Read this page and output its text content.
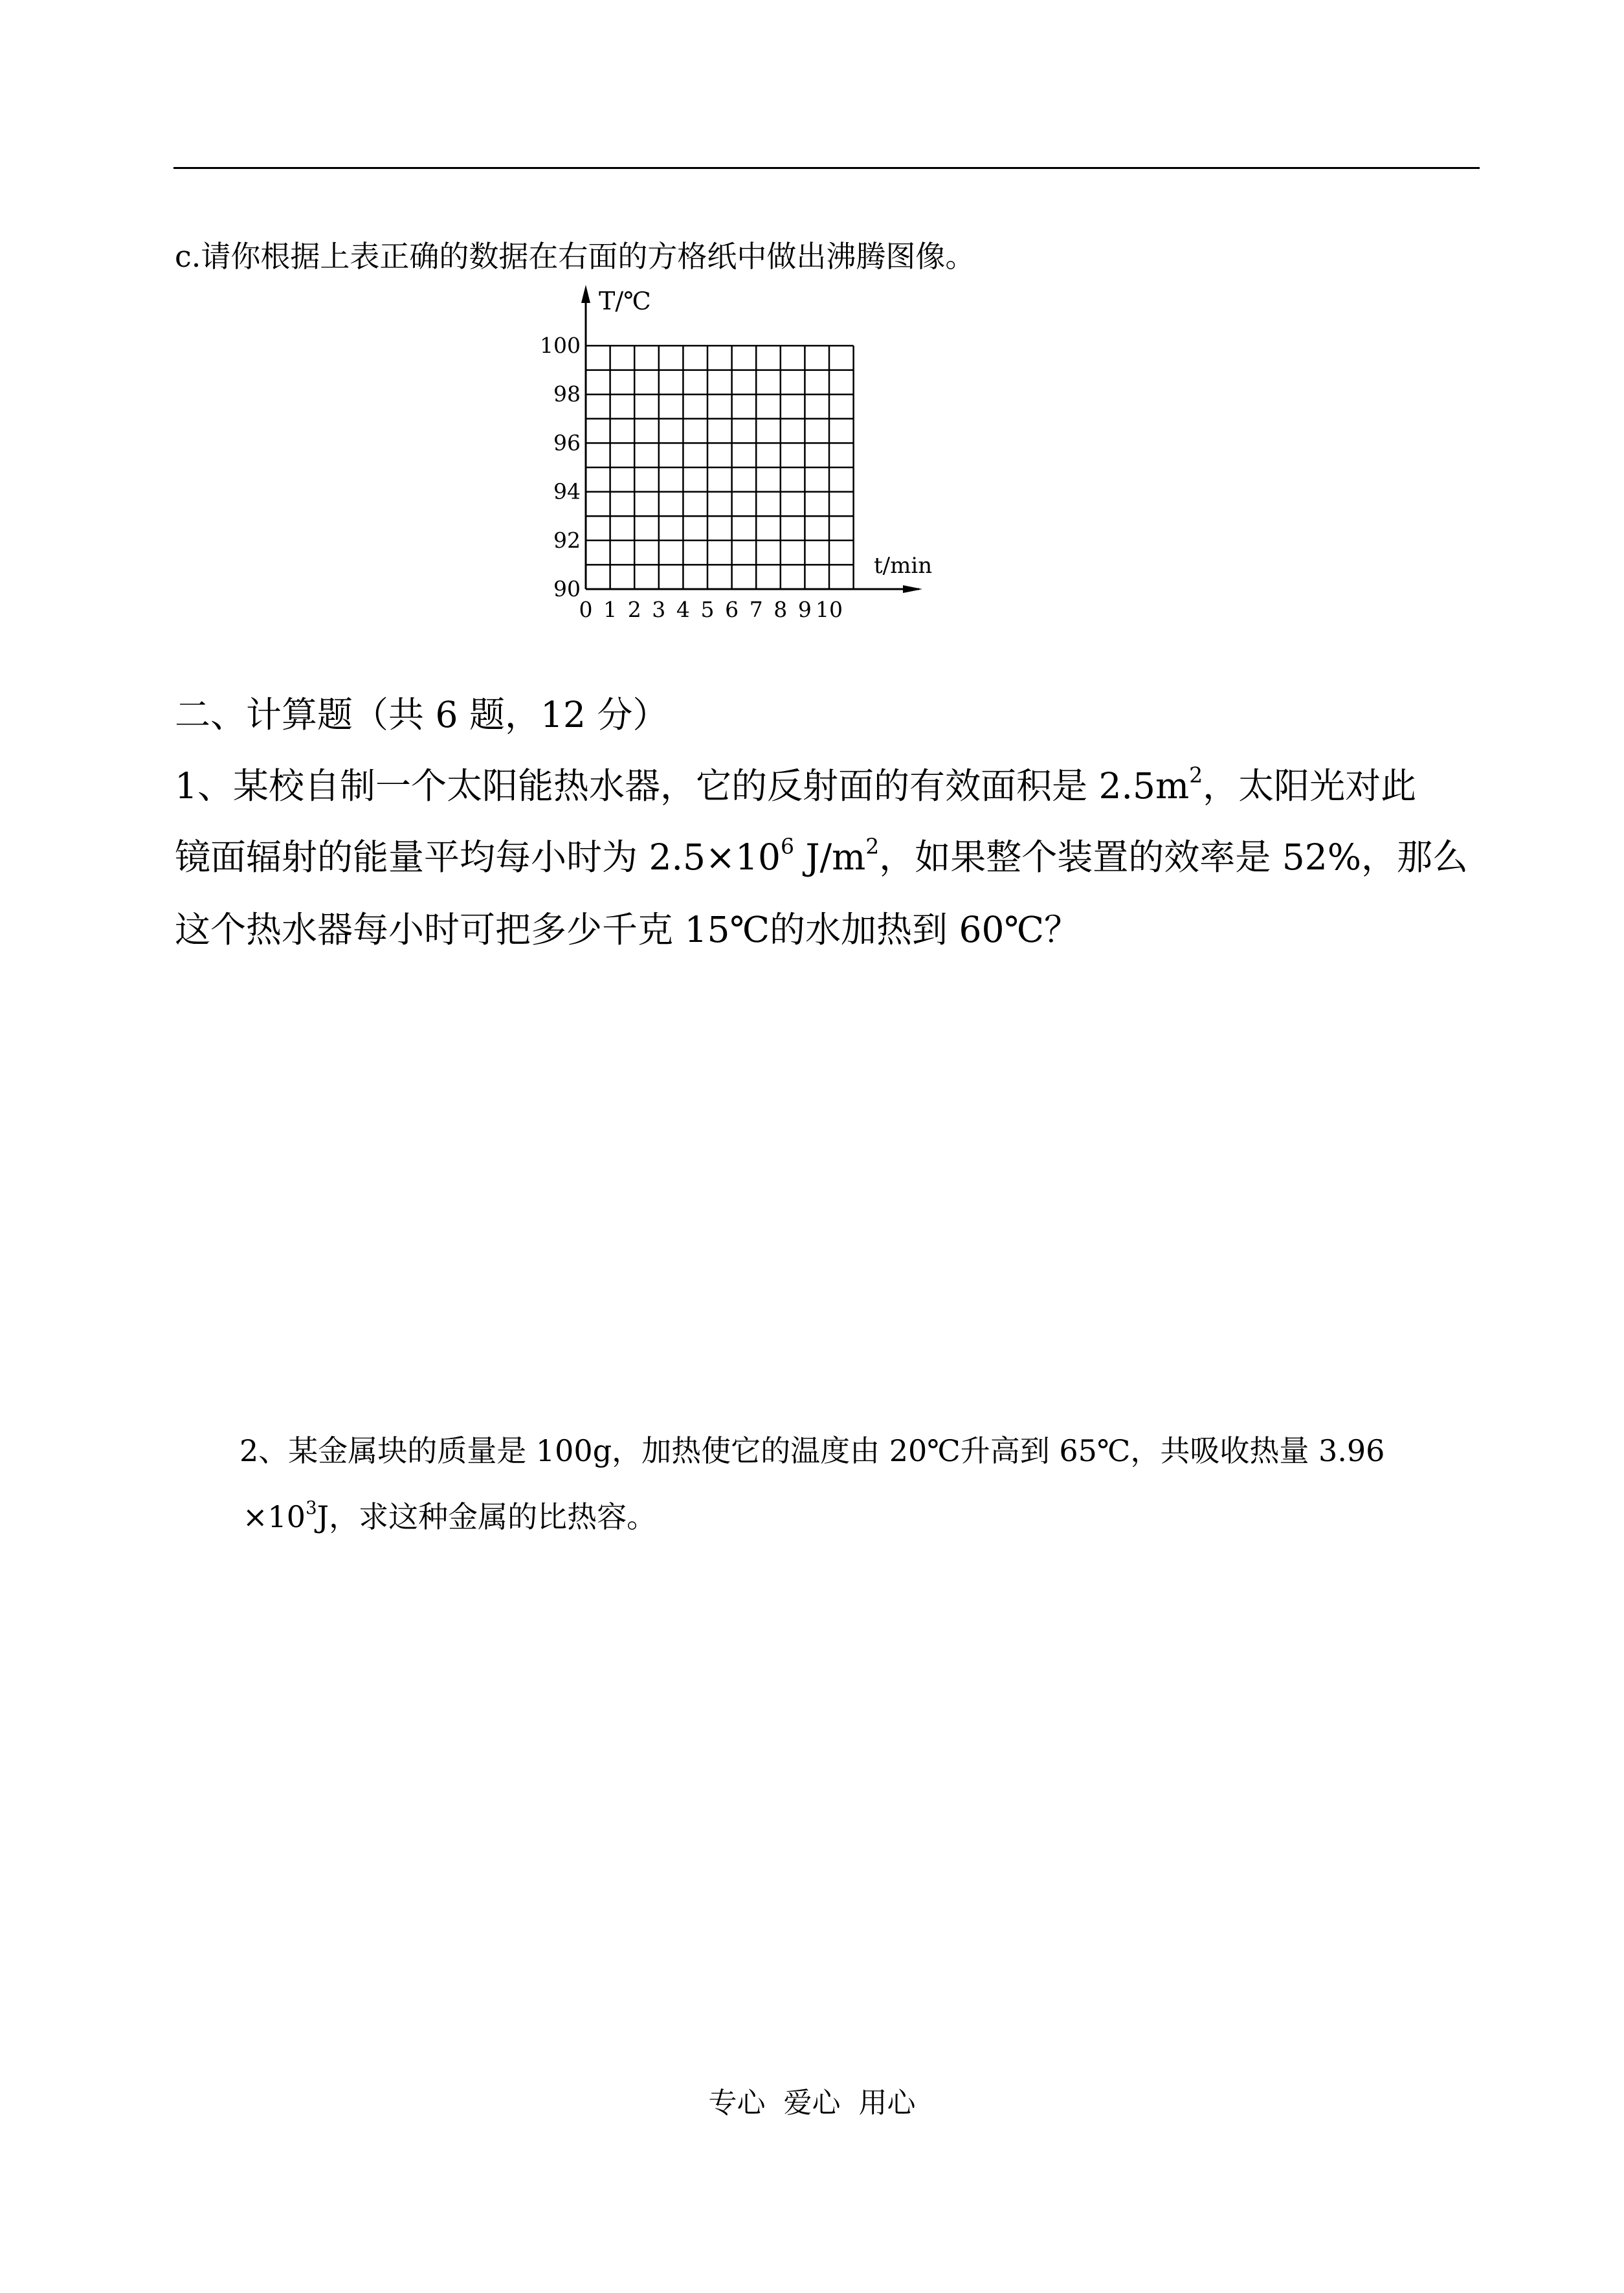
c.请你根据上表正确的数据在右面的方格纸中做出沸腾图像。
T/℃
t/min
100
98
96
94
92
90
0 1 2 3 4 5 6 7 8 9 10
二、计算题（共 6 题，12 分）
1、某校自制一个太阳能热水器，它的反射面的有效面积是 $2.5m^2$，太阳光对此
镜面辐射的能量平均每小时为 $2.5\times 10^6$ $J/m^2$，如果整个装置的效率是 52%，那么
这个热水器每小时可把多少千克 15℃的水加热到 60℃？
2、某金属块的质量是 100g，加热使它的温度由 20℃升高到 65℃，共吸收热量 3.96
$\times 10^3J$，求这种金属的比热容。
专心 爱心 用心
